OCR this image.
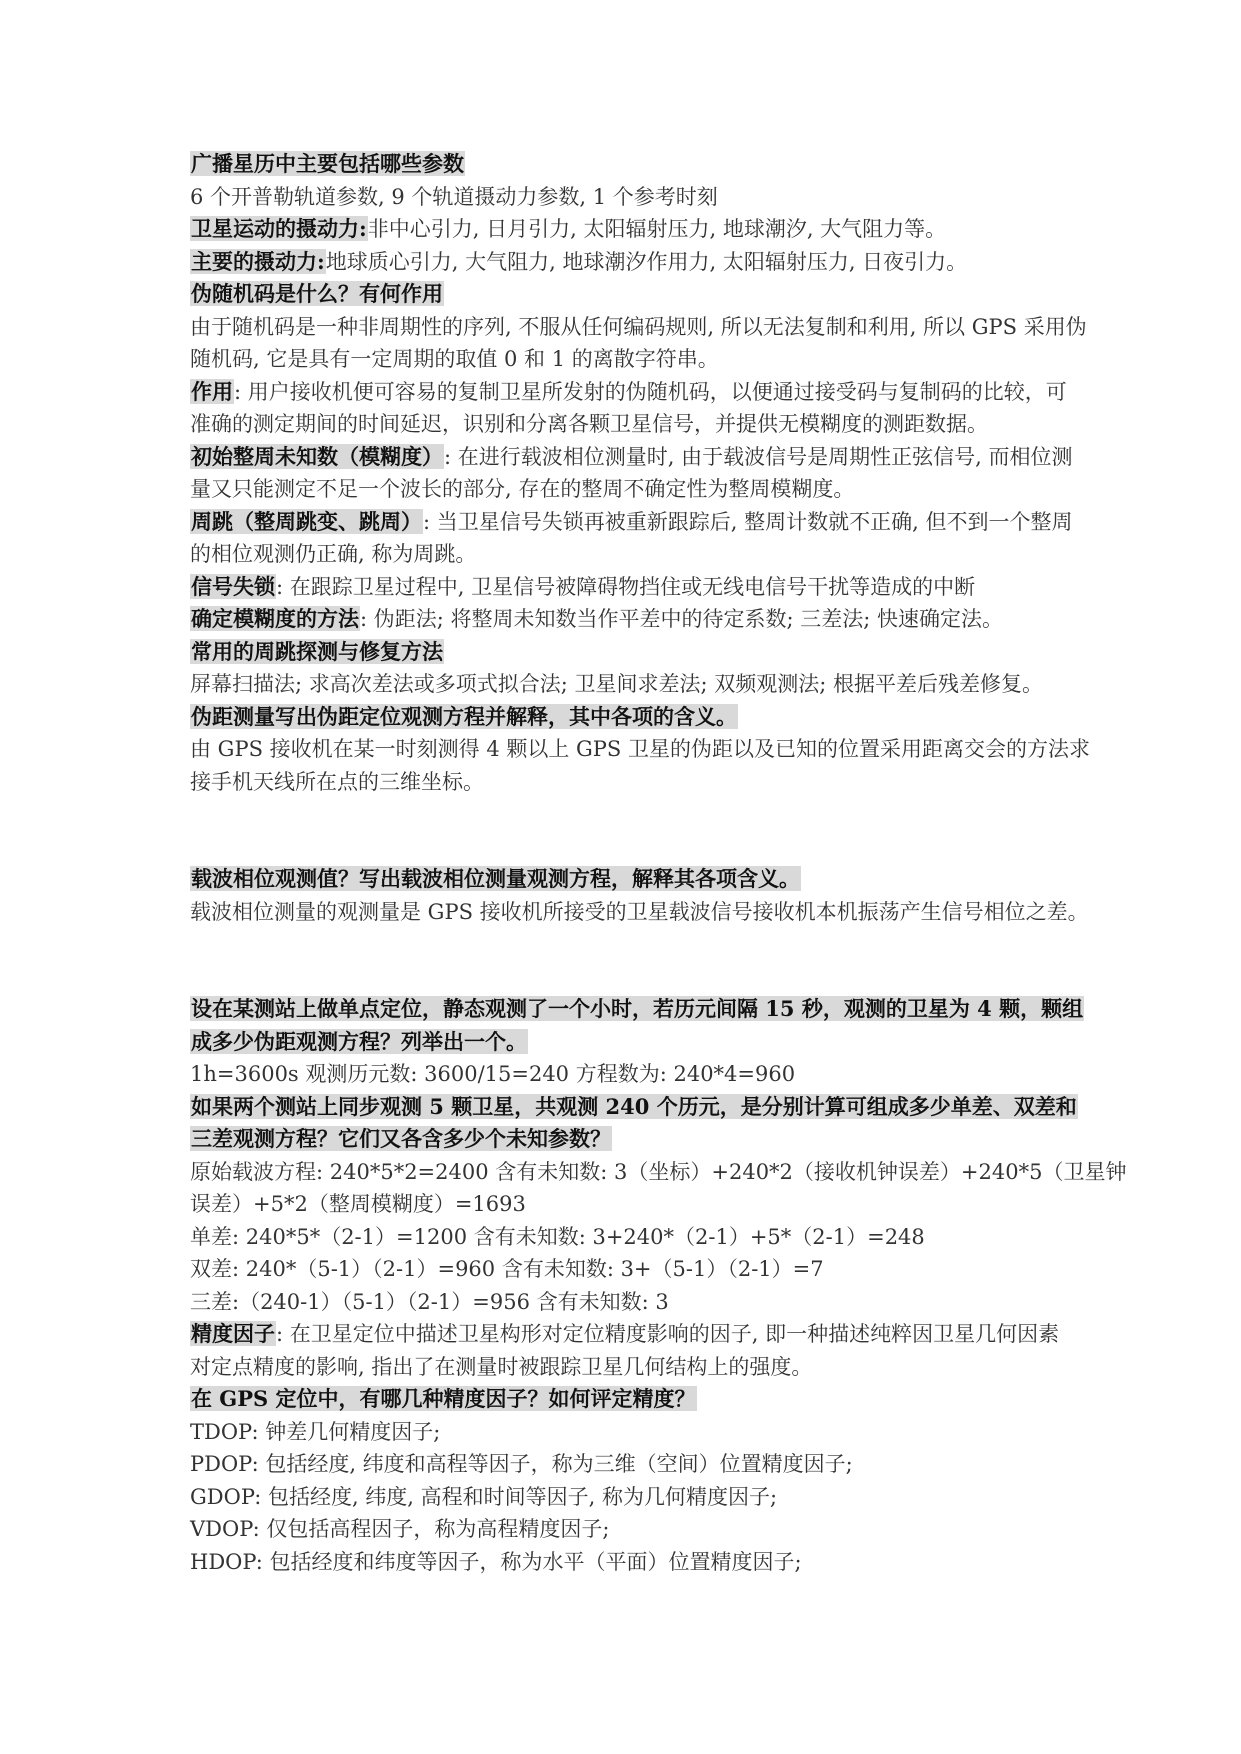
广播星历中主要包括哪些参数
6 个开普勒轨道参数, 9 个轨道摄动力参数, 1 个参考时刻
卫星运动的摄动力:非中心引力, 日月引力, 太阳辐射压力, 地球潮汐, 大气阻力等。
主要的摄动力:地球质心引力, 大气阻力, 地球潮汐作用力, 太阳辐射压力, 日夜引力。
伪随机码是什么？有何作用
由于随机码是一种非周期性的序列, 不服从任何编码规则, 所以无法复制和利用, 所以 GPS 采用伪
随机码, 它是具有一定周期的取值 0 和 1 的离散字符串。
作用: 用户接收机便可容易的复制卫星所发射的伪随机码，以便通过接受码与复制码的比较，可
准确的测定期间的时间延迟，识别和分离各颗卫星信号，并提供无模糊度的测距数据。
初始整周未知数（模糊度）: 在进行载波相位测量时, 由于载波信号是周期性正弦信号, 而相位测
量又只能测定不足一个波长的部分, 存在的整周不确定性为整周模糊度。
周跳（整周跳变、跳周）: 当卫星信号失锁再被重新跟踪后, 整周计数就不正确, 但不到一个整周
的相位观测仍正确, 称为周跳。
信号失锁: 在跟踪卫星过程中, 卫星信号被障碍物挡住或无线电信号干扰等造成的中断
确定模糊度的方法: 伪距法; 将整周未知数当作平差中的待定系数; 三差法; 快速确定法。
常用的周跳探测与修复方法
屏幕扫描法; 求高次差法或多项式拟合法; 卫星间求差法; 双频观测法; 根据平差后残差修复。
伪距测量写出伪距定位观测方程并解释，其中各项的含义。
由 GPS 接收机在某一时刻测得 4 颗以上 GPS 卫星的伪距以及已知的位置采用距离交会的方法求
接手机天线所在点的三维坐标。
载波相位观测值？写出载波相位测量观测方程，解释其各项含义。
载波相位测量的观测量是 GPS 接收机所接受的卫星载波信号接收机本机振荡产生信号相位之差。
设在某测站上做单点定位，静态观测了一个小时，若历元间隔 15 秒，观测的卫星为 4 颗，颗组
成多少伪距观测方程？列举出一个。
1h=3600s 观测历元数: 3600/15=240 方程数为: 240*4=960
如果两个测站上同步观测 5 颗卫星，共观测 240 个历元，是分别计算可组成多少单差、双差和
三差观测方程？它们又各含多少个未知参数？
原始载波方程: 240*5*2=2400 含有未知数: 3（坐标）+240*2（接收机钟误差）+240*5（卫星钟
误差）+5*2（整周模糊度）=1693
单差: 240*5*（2-1）=1200 含有未知数: 3+240*（2-1）+5*（2-1）=248
双差: 240*（5-1）（2-1）=960 含有未知数: 3+（5-1）（2-1）=7
三差:（240-1）（5-1）（2-1）=956 含有未知数: 3
精度因子: 在卫星定位中描述卫星构形对定位精度影响的因子, 即一种描述纯粹因卫星几何因素
对定点精度的影响, 指出了在测量时被跟踪卫星几何结构上的强度。
在 GPS 定位中，有哪几种精度因子？如何评定精度？
TDOP: 钟差几何精度因子;
PDOP: 包括经度, 纬度和高程等因子，称为三维（空间）位置精度因子;
GDOP: 包括经度, 纬度, 高程和时间等因子, 称为几何精度因子;
VDOP: 仅包括高程因子，称为高程精度因子;
HDOP: 包括经度和纬度等因子，称为水平（平面）位置精度因子;
